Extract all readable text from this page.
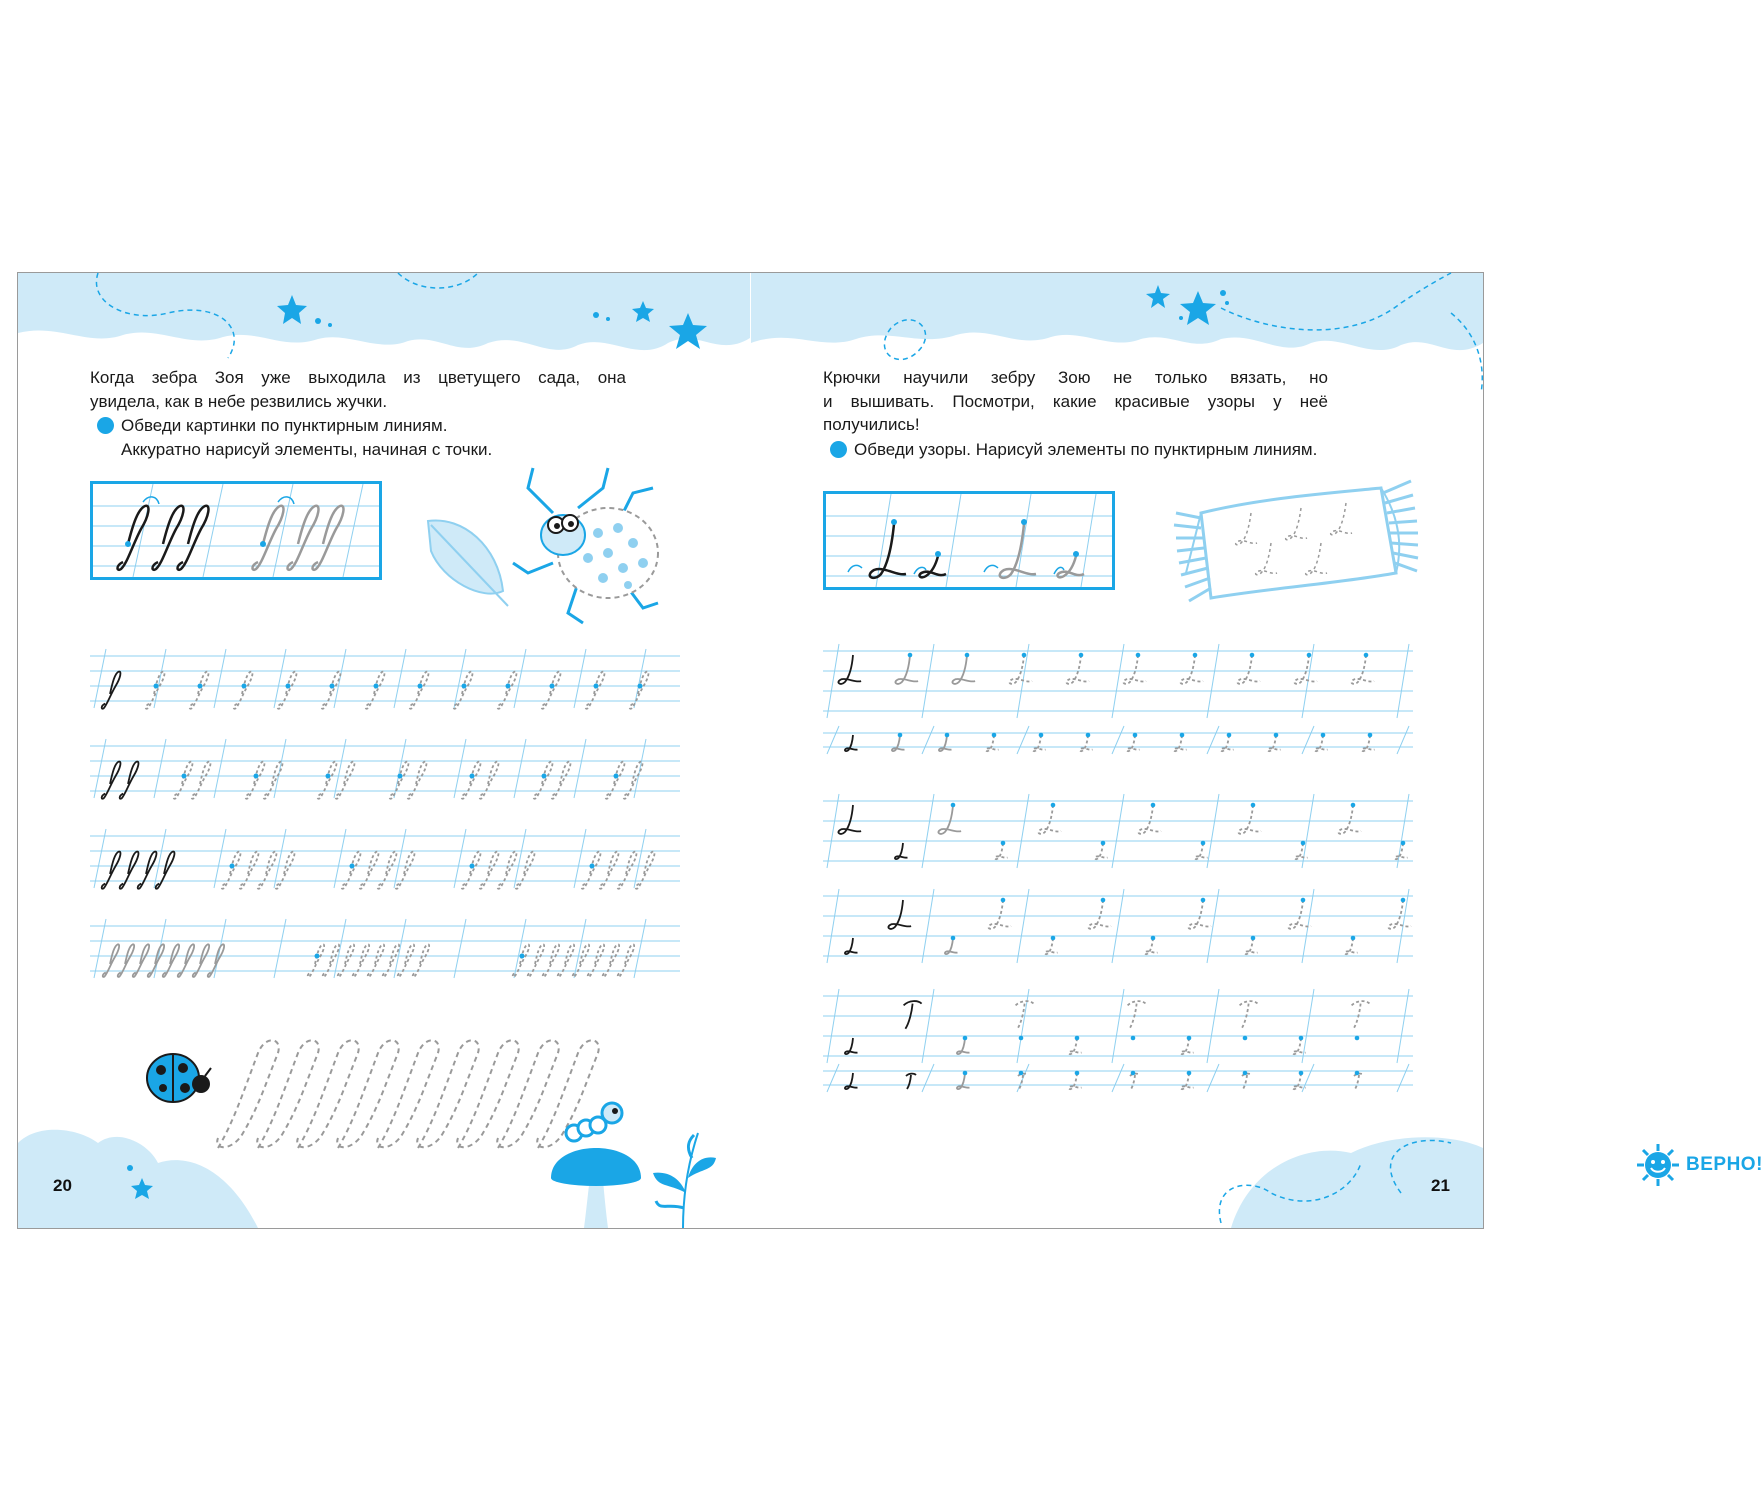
Когда зебра Зоя уже выходила из цветущего сада, она

увидела, как в небе резвились жучки.

Обведи картинки по пунктирным линиям.
Аккуратно нарисуй элементы, начиная с точки.
20

Крючки научили зебру Зою не только вязать, но

и вышивать. Посмотри, какие красивые узоры у неё

получились!

Обведи узоры. Нарисуй элементы по пунктирным линиям.
ВЕРНО!
21
